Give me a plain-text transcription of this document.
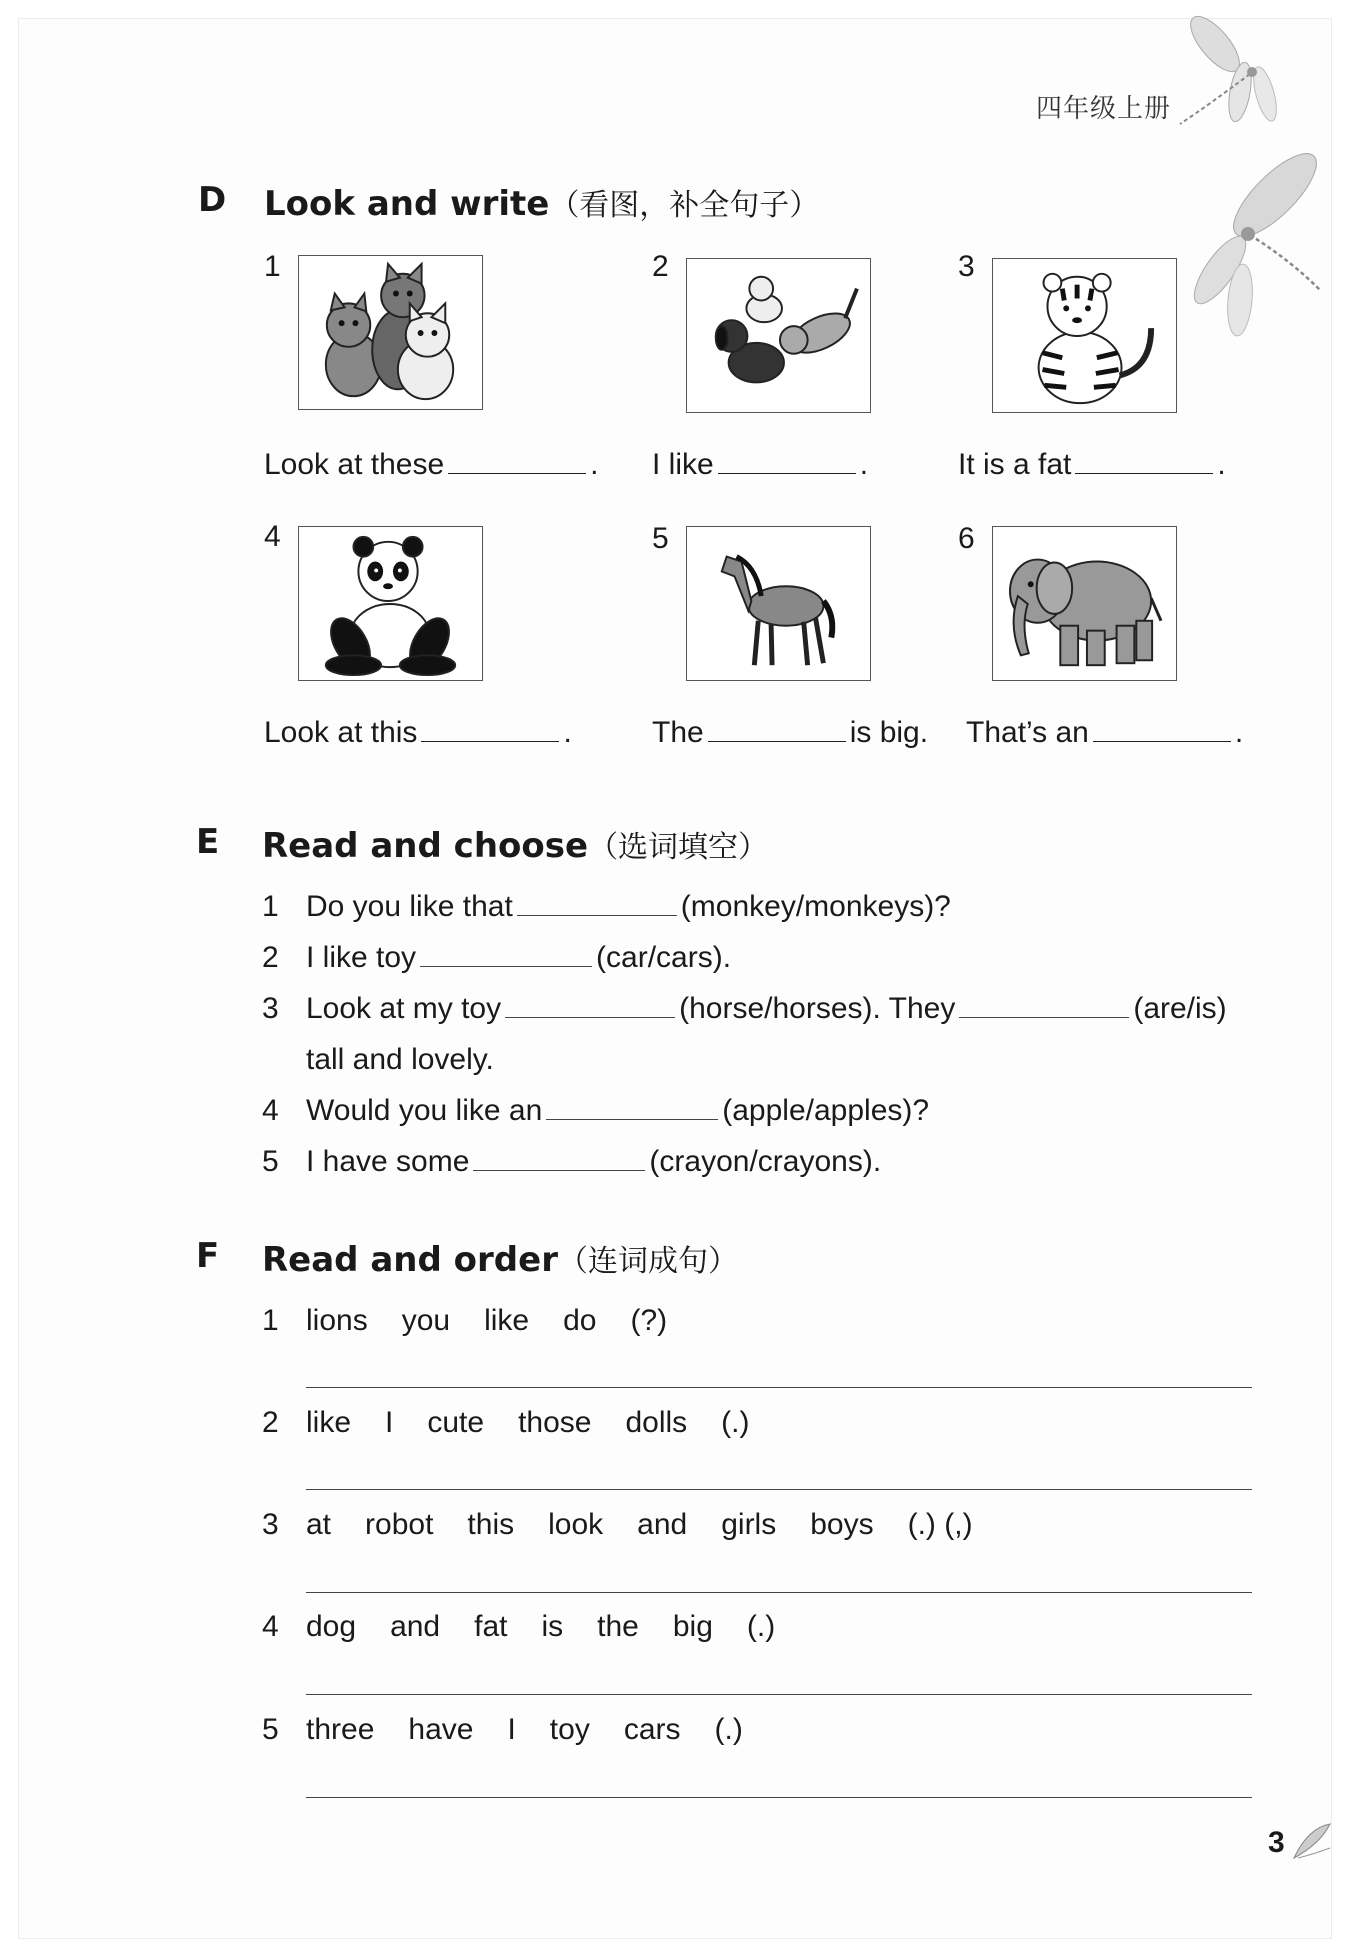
四年级上册
D Look and write（看图，补全句子）
1	2	3
Look at these	. I like	.	It is a fat	.
4	5	6
Look at this	.	The	is big. That’s an	.
E Read and choose（选词填空）
1 Do you like that	(monkey/monkeys)?
2 I like toy	(car/cars).
3 Look at my toy	(horse/horses). They	(are/is)
tall and lovely.
4 Would you like an	(apple/apples)?
5 I have some	(crayon/crayons).
F Read and order（连词成句）
1 lions you like do (?)
2 like I cute those dolls (.)
3 at robot this look and girls boys (.) (,)
4 dog and fat is the big (.)
5 three have I toy cars (.)
3
